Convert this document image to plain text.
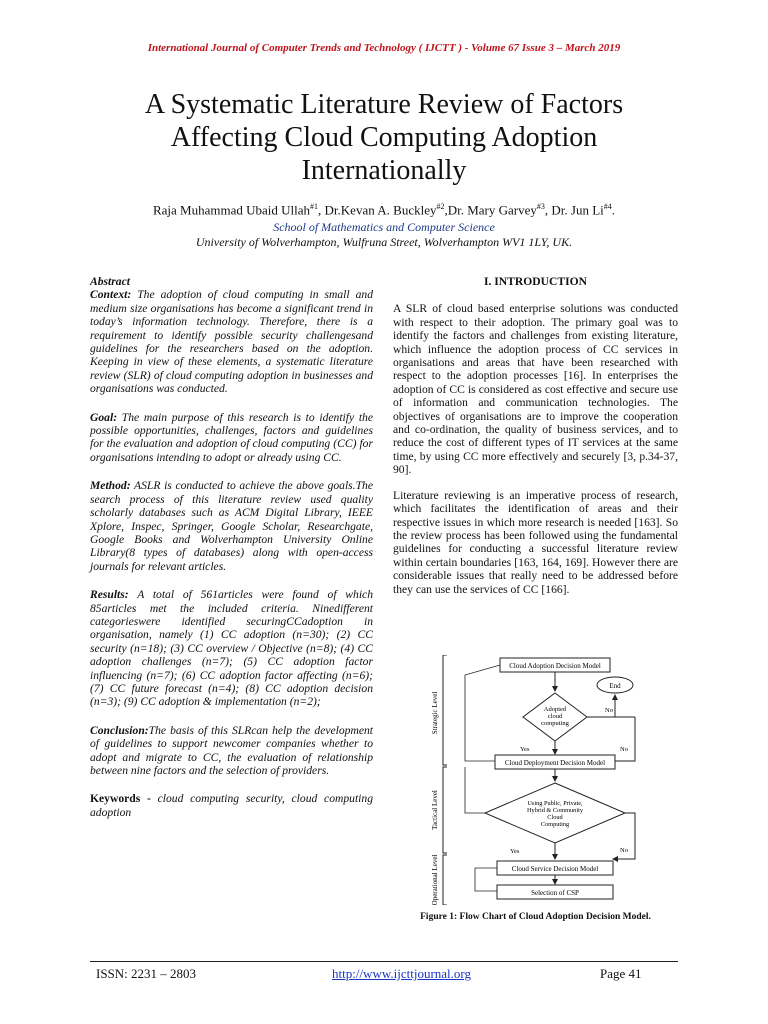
International Journal of Computer Trends and Technology ( IJCTT ) - Volume 67 Issue 3 – March 2019
A Systematic Literature Review of Factors Affecting Cloud Computing Adoption Internationally
Raja Muhammad Ubaid Ullah$^{\#1}$, Dr.Kevan A. Buckley$^{\#2}$,Dr. Mary Garvey$^{\#3}$, Dr. Jun Li$^{\#4}$.
School of Mathematics and Computer Science
University of Wolverhampton, Wulfruna Street, Wolverhampton WV1 1LY, UK.

Abstract
Context: The adoption of cloud computing in small and medium size organisations has become a significant trend in today’s information technology. Therefore, there is a requirement to identify possible security challengesand guidelines for the researchers based on the adoption. Keeping in view of these elements, a systematic literature review (SLR) of cloud computing adoption in businesses and organisations was conducted.

Goal: The main purpose of this research is to identify the possible opportunities, challenges, factors and guidelines for the evaluation and adoption of cloud computing (CC) for organisations intending to adopt or already using CC.

Method: ASLR is conducted to achieve the above goals.The search process of this literature review used quality scholarly databases such as ACM Digital Library, IEEE Xplore, Inspec, Springer, Google Scholar, Researchgate, Google Books and Wolverhampton University Online Library(8 types of databases) along with open-access journals for relevant articles.

Results: A total of 561articles were found of which 85articles met the included criteria. Ninedifferent categorieswere identified securingCCadoption in organisation, namely (1) CC adoption (n=30); (2) CC security (n=18); (3) CC overview / Objective (n=8); (4) CC adoption challenges (n=7); (5) CC adoption factor influencing (n=7); (6) CC adoption factor affecting (n=6); (7) CC future forecast (n=4); (8) CC adoption decision (n=3); (9) CC adoption & implementation (n=2);

Conclusion:The basis of this SLRcan help the development of guidelines to support newcomer companies whether to adopt and migrate to CC, the evaluation of relationship between nine factors and the selection of providers.

Keywords - cloud computing security, cloud computing adoption

I. INTRODUCTION

A SLR of cloud based enterprise solutions was conducted with respect to their adoption. The primary goal was to identify the factors and challenges from existing literature, which influence the adoption process of CC services in organisations and areas that have been researched with respect to the adoption processes [16]. In enterprises the adoption of CC is considered as cost effective and secure use of information and communication technologies. The objectives of organisations are to improve the cooperation and co-ordination, the quality of business services, and to reduce the cost of different types of IT services at the same time, by using CC more effectively and securely [3, p.34-37, 90].

Literature reviewing is an imperative process of research, which facilitates the identification of areas and their respective issues in which more research is needed [163]. So the review process has been followed using the fundamental guidelines for conducting a successful literature review within certain boundaries [163, 164, 169]. However there are considerable issues that really need to be addressed before they can use the services of CC [166].

Strategic Level
Tactical Level
Operational Level
Cloud Adoption Decision Model
End
Adopted
cloud
computing
No
Yes	No
Cloud Deployment Decision Model
Using Public, Private,
Hybrid & Community
Cloud
Computing
No
Yes
Cloud Service Decision Model
Selection of CSP
Figure 1: Flow Chart of Cloud Adoption Decision Model.
ISSN: 2231 – 2803	http://www.ijcttjournal.org	Page 41
